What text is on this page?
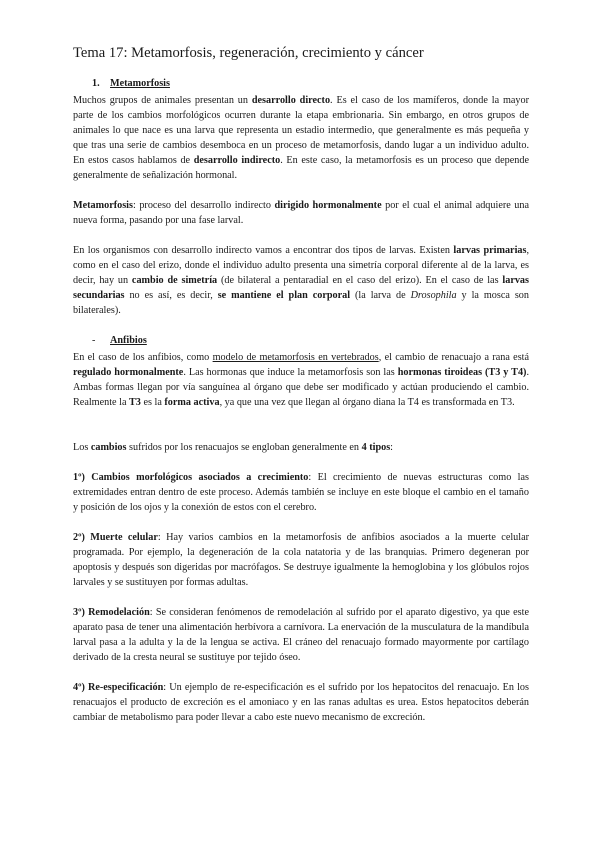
Tema 17: Metamorfosis, regeneración, crecimiento y cáncer
1. Metamorfosis

Muchos grupos de animales presentan un desarrollo directo. Es el caso de los mamíferos, donde la mayor parte de los cambios morfológicos ocurren durante la etapa embrionaria. Sin embargo, en otros grupos de animales lo que nace es una larva que representa un estadio intermedio, que generalmente es más pequeña y que tras una serie de cambios desemboca en un proceso de metamorfosis, dando lugar a un individuo adulto. En estos casos hablamos de desarrollo indirecto. En este caso, la metamorfosis es un proceso que depende generalmente de señalización hormonal.

Metamorfosis: proceso del desarrollo indirecto dirigido hormonalmente por el cual el animal adquiere una nueva forma, pasando por una fase larval.

En los organismos con desarrollo indirecto vamos a encontrar dos tipos de larvas. Existen larvas primarias, como en el caso del erizo, donde el individuo adulto presenta una simetría corporal diferente al de la larva, es decir, hay un cambio de simetría (de bilateral a pentaradial en el caso del erizo). En el caso de las larvas secundarias no es así, es decir, se mantiene el plan corporal (la larva de Drosophila y la mosca son bilaterales).

- Anfibios

En el caso de los anfibios, como modelo de metamorfosis en vertebrados, el cambio de renacuajo a rana está regulado hormonalmente. Las hormonas que induce la metamorfosis son las hormonas tiroideas (T3 y T4). Ambas formas llegan por vía sanguínea al órgano que debe ser modificado y actúan produciendo el cambio. Realmente la T3 es la forma activa, ya que una vez que llegan al órgano diana la T4 es transformada en T3.

Los cambios sufridos por los renacuajos se engloban generalmente en 4 tipos:

1º) Cambios morfológicos asociados a crecimiento: El crecimiento de nuevas estructuras como las extremidades entran dentro de este proceso. Además también se incluye en este bloque el cambio en el tamaño y posición de los ojos y la conexión de estos con el cerebro.

2º) Muerte celular: Hay varios cambios en la metamorfosis de anfibios asociados a la muerte celular programada. Por ejemplo, la degeneración de la cola natatoria y de las branquias. Primero degeneran por apoptosis y después son digeridas por macrófagos. Se destruye igualmente la hemoglobina y los glóbulos rojos larvales y se sustituyen por formas adultas.

3º) Remodelación: Se consideran fenómenos de remodelación al sufrido por el aparato digestivo, ya que este aparato pasa de tener una alimentación herbívora a carnívora. La enervación de la musculatura de la mandíbula larval pasa a la adulta y la de la lengua se activa. El cráneo del renacuajo formado mayormente por cartílago derivado de la cresta neural se sustituye por tejido óseo.

4º) Re-especificación: Un ejemplo de re-especificación es el sufrido por los hepatocitos del renacuajo. En los renacuajos el producto de excreción es el amoniaco y en las ranas adultas es urea. Estos hepatocitos deberán cambiar de metabolismo para poder llevar a cabo este nuevo mecanismo de excreción.
